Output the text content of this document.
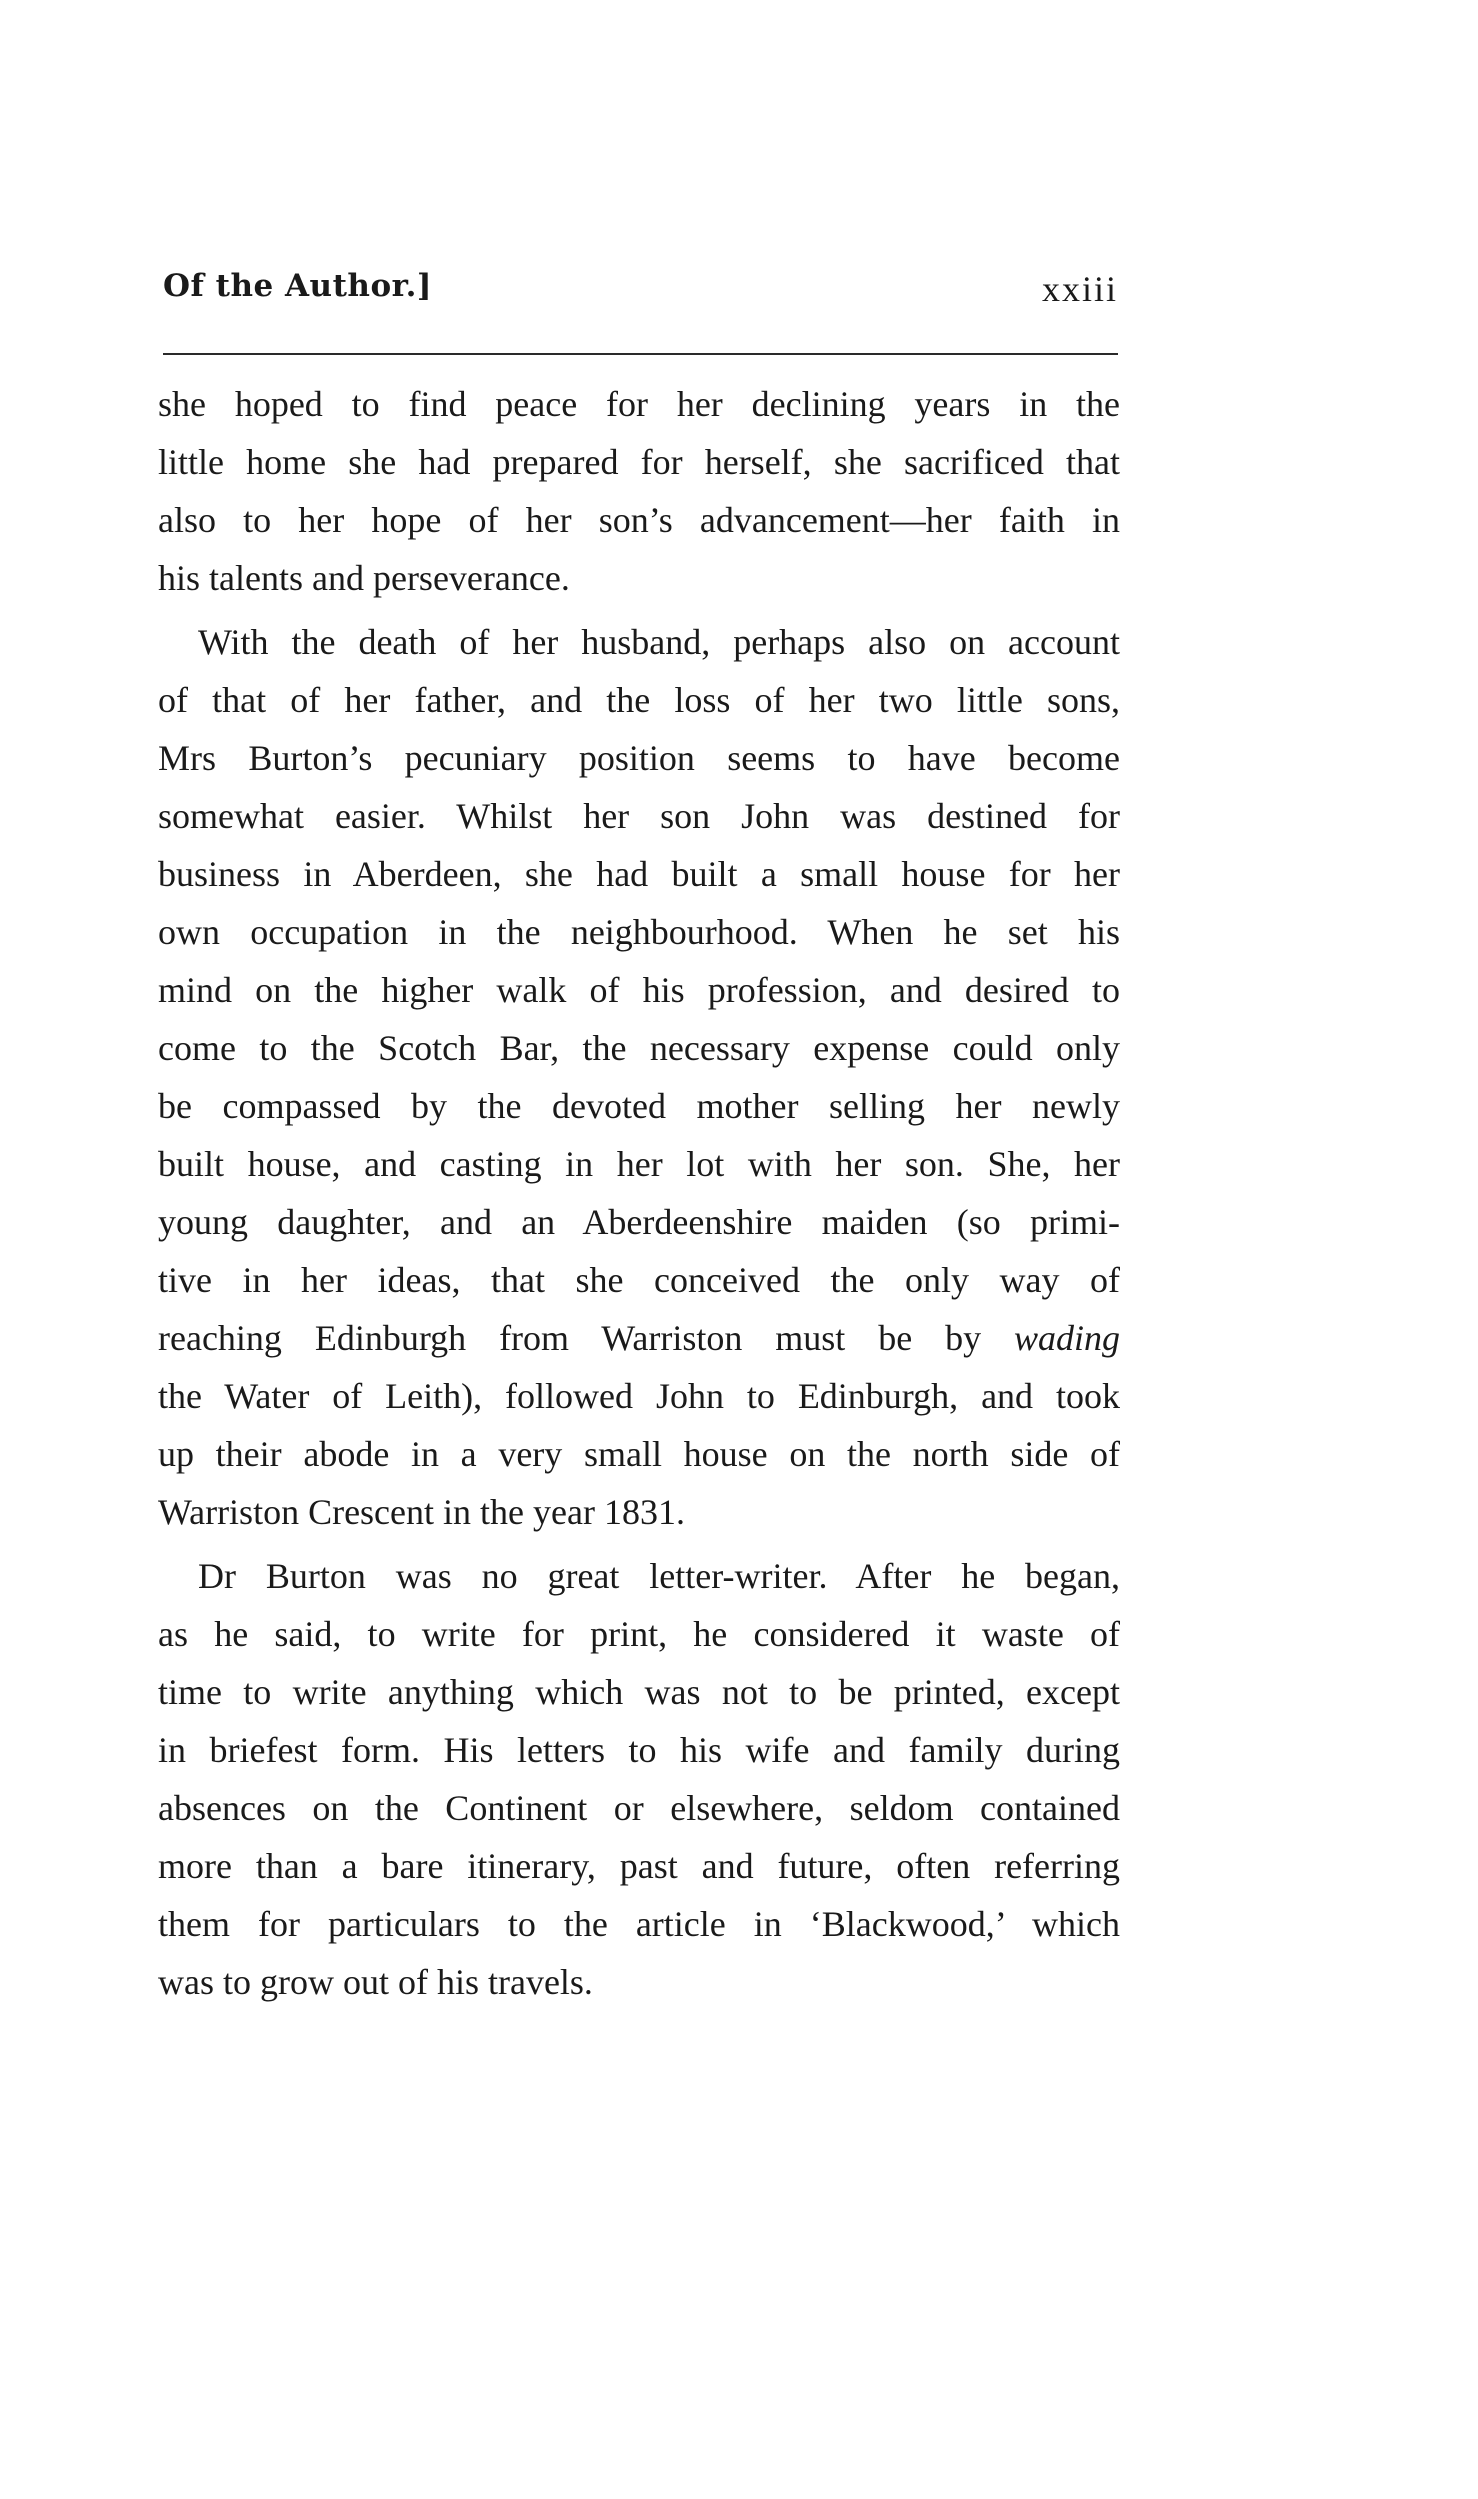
Of the Author.]	xxiii
she hoped to find peace for her declining years in the
little home she had prepared for herself, she sacrificed that
also to her hope of her son’s advancement—her faith in
his talents and perseverance.
With the death of her husband, perhaps also on account
of that of her father, and the loss of her two little sons,
Mrs Burton’s pecuniary position seems to have become
somewhat easier. Whilst her son John was destined for
business in Aberdeen, she had built a small house for her
own occupation in the neighbourhood. When he set his
mind on the higher walk of his profession, and desired to
come to the Scotch Bar, the necessary expense could only
be compassed by the devoted mother selling her newly
built house, and casting in her lot with her son. She, her
young daughter, and an Aberdeenshire maiden (so primi-
tive in her ideas, that she conceived the only way of
reaching Edinburgh from Warriston must be by wading
the Water of Leith), followed John to Edinburgh, and took
up their abode in a very small house on the north side of
Warriston Crescent in the year 1831.
Dr Burton was no great letter-writer. After he began,
as he said, to write for print, he considered it waste of
time to write anything which was not to be printed, except
in briefest form. His letters to his wife and family during
absences on the Continent or elsewhere, seldom contained
more than a bare itinerary, past and future, often referring
them for particulars to the article in ‘Blackwood,’ which
was to grow out of his travels.
